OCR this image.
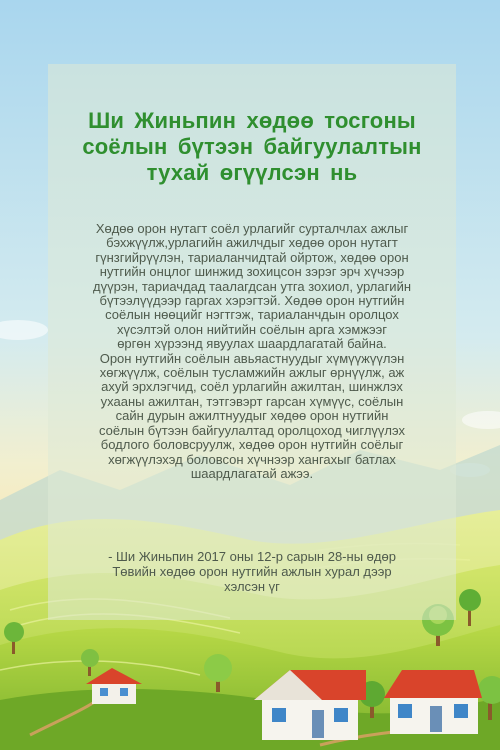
Ши Жиньпин хөдөө тосгоны
соёлын бүтээн байгуулалтын
тухай өгүүлсэн нь
Хөдөө орон нутагт соёл урлагийг сурталчлах ажлыг
бэхжүүлж,урлагийн ажилчдыг хөдөө орон нутагт
гүнзгийрүүлэн, тариаланчидтай ойртож, хөдөө орон
нутгийн онцлог шинжид зохицсон зэрэг эрч хүчээр
дүүрэн, тариачдад таалагдсан утга зохиол, урлагийн
бүтээлүүдээр гаргах хэрэгтэй. Хөдөө орон нутгийн
соёлын нөөцийг нэгтгэж, тариаланчдын оролцох
хүсэлтэй олон нийтийн соёлын арга хэмжээг
өргөн хүрээнд явуулах шаардлагатай байна.
Орон нутгийн соёлын авьяастнуудыг хүмүүжүүлэн
хөгжүүлж, соёлын тусламжийн ажлыг өрнүүлж, аж
ахуй эрхлэгчид, соёл урлагийн ажилтан, шинжлэх
ухааны ажилтан, тэтгэвэрт гарсан хүмүүс, соёлын
сайн дурын ажилтнуудыг хөдөө орон нутгийн
соёлын бүтээн байгуулалтад оролцоход чиглүүлэх
бодлого боловсруулж, хөдөө орон нутгийн соёлыг
хөгжүүлэхэд боловсон хүчнээр хангахыг батлах
шаардлагатай ажээ.
- Ши Жиньпин 2017 оны 12-р сарын 28-ны өдөр
Төвийн хөдөө орон нутгийн ажлын хурал дээр
хэлсэн үг
